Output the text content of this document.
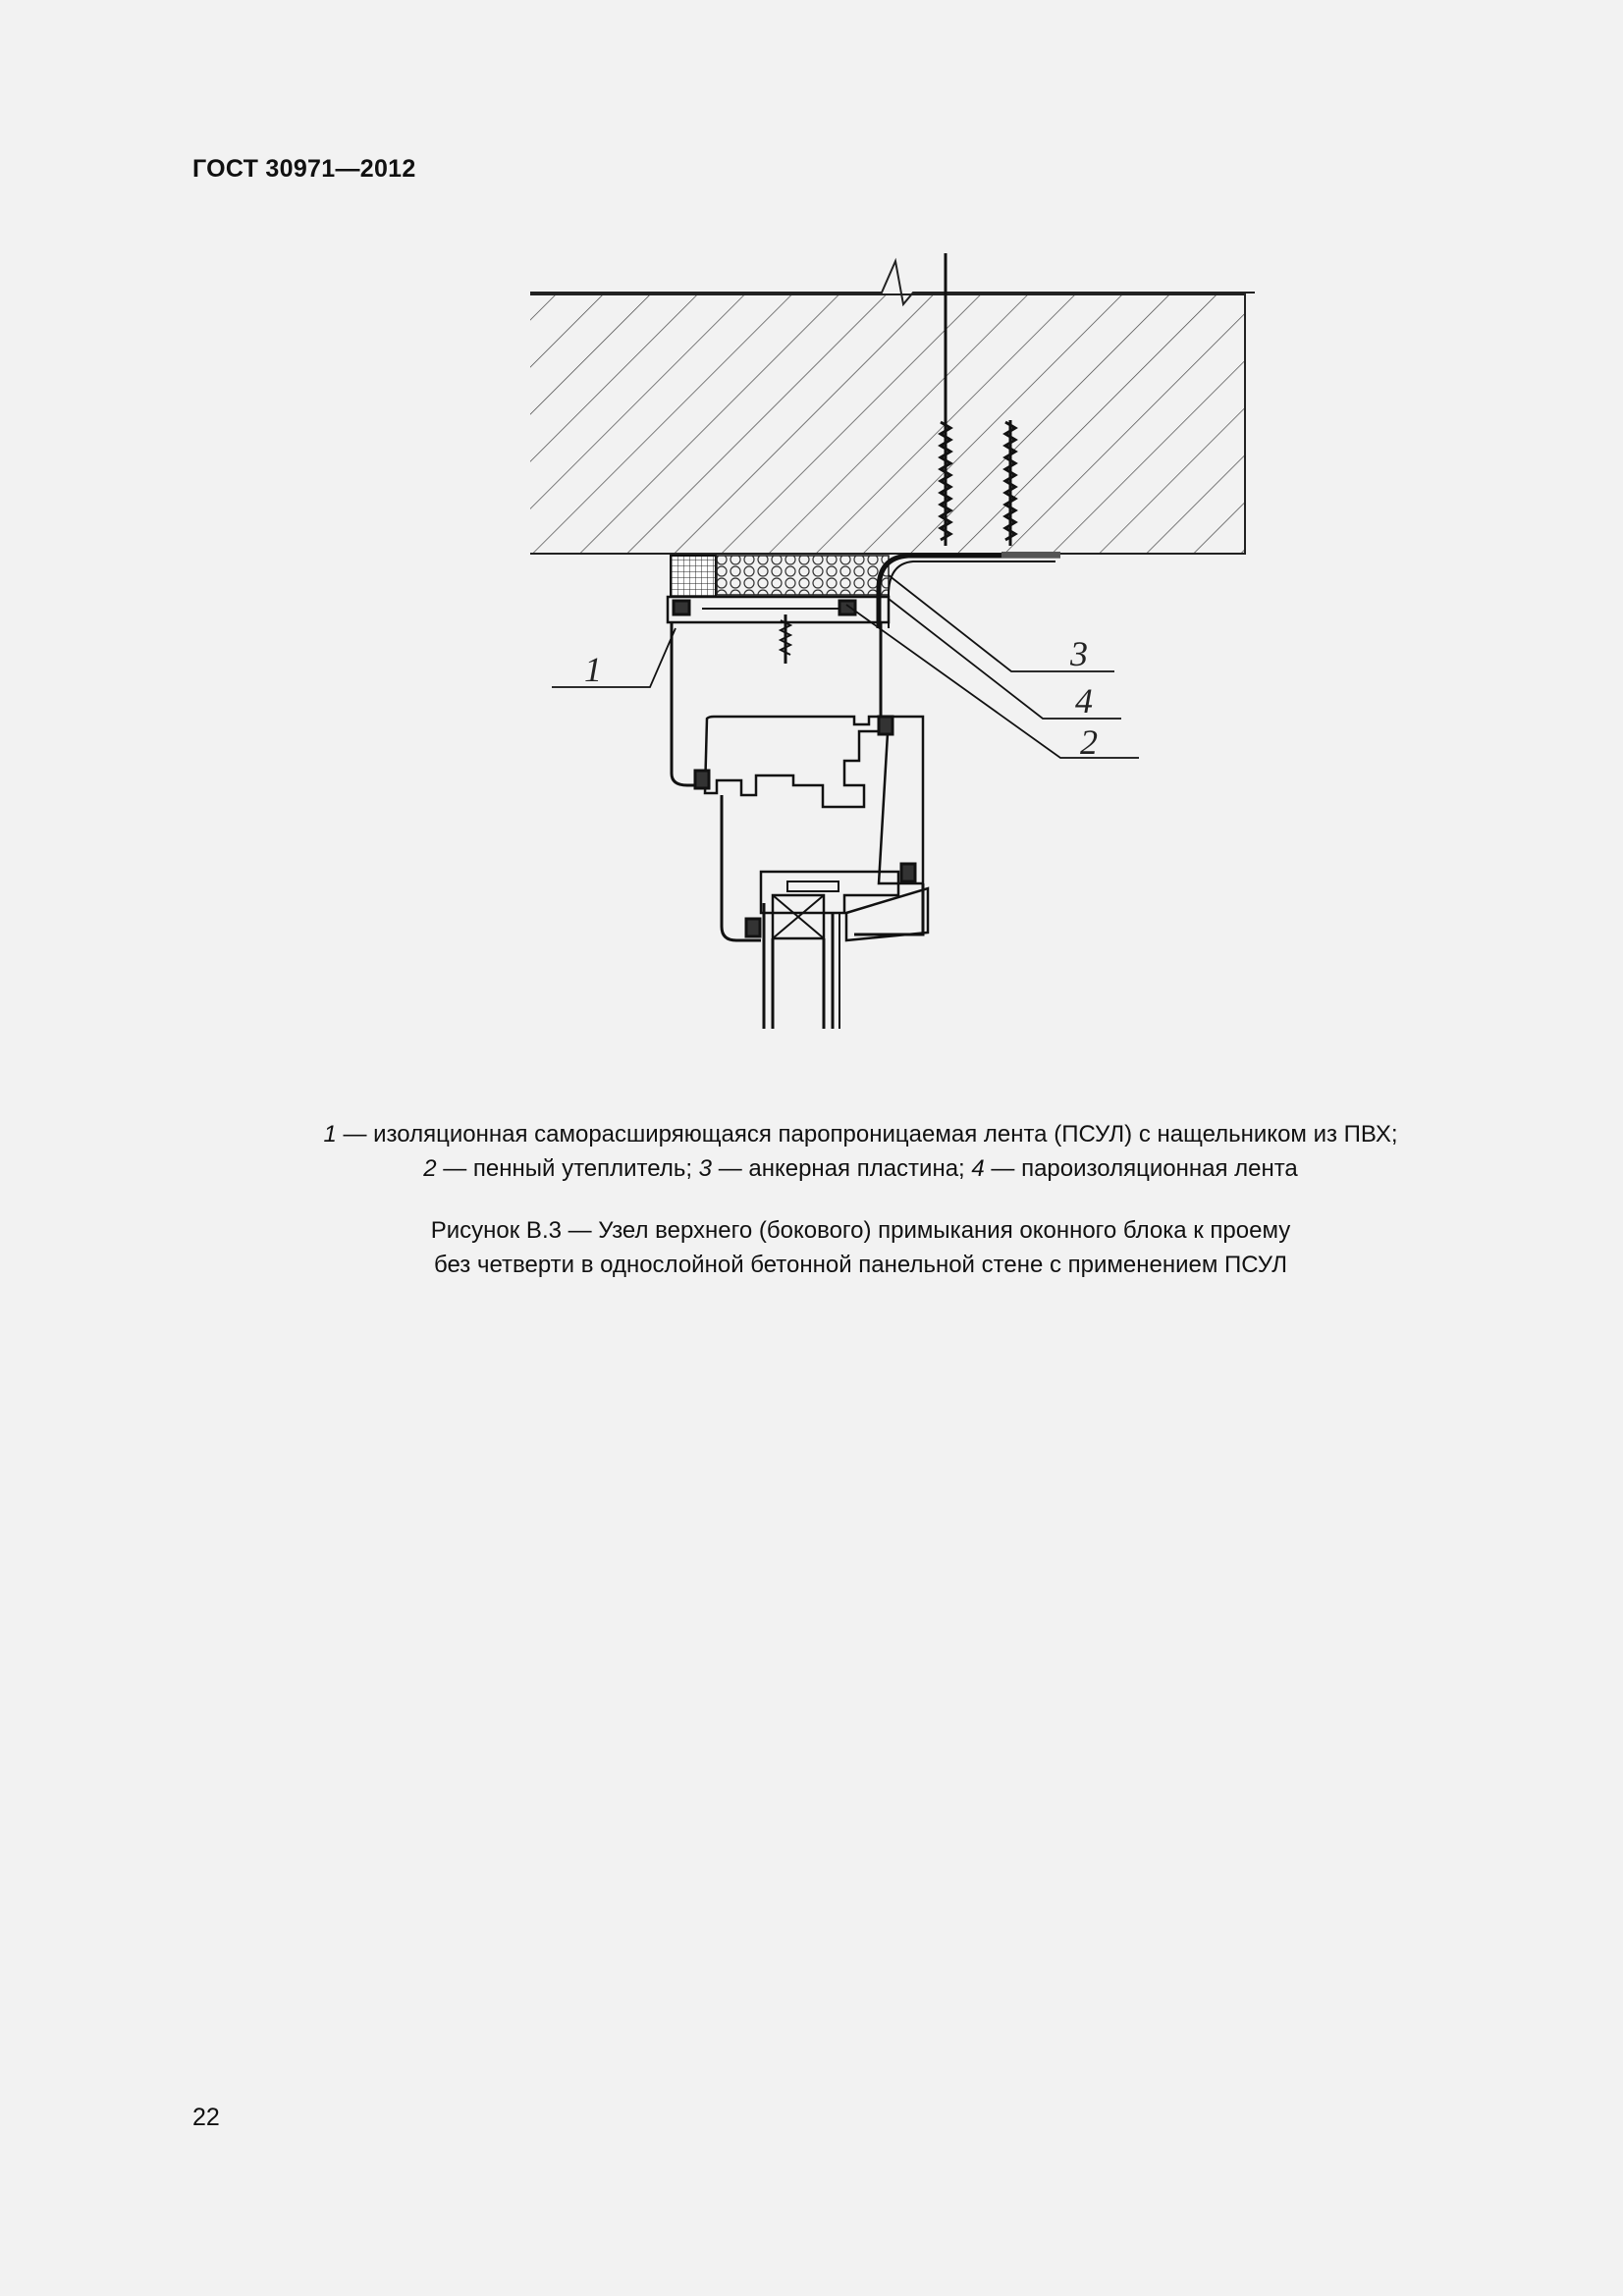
ГОСТ 30971—2012
1	3
4
2
1 — изоляционная саморасширяющаяся паропроницаемая лента (ПСУЛ) с нащельником из ПВХ;
2 — пенный утеплитель; 3 — анкерная пластина; 4 — пароизоляционная лента
Рисунок В.3 — Узел верхнего (бокового) примыкания оконного блока к проему
без четверти в однослойной бетонной панельной стене с применением ПСУЛ
22
